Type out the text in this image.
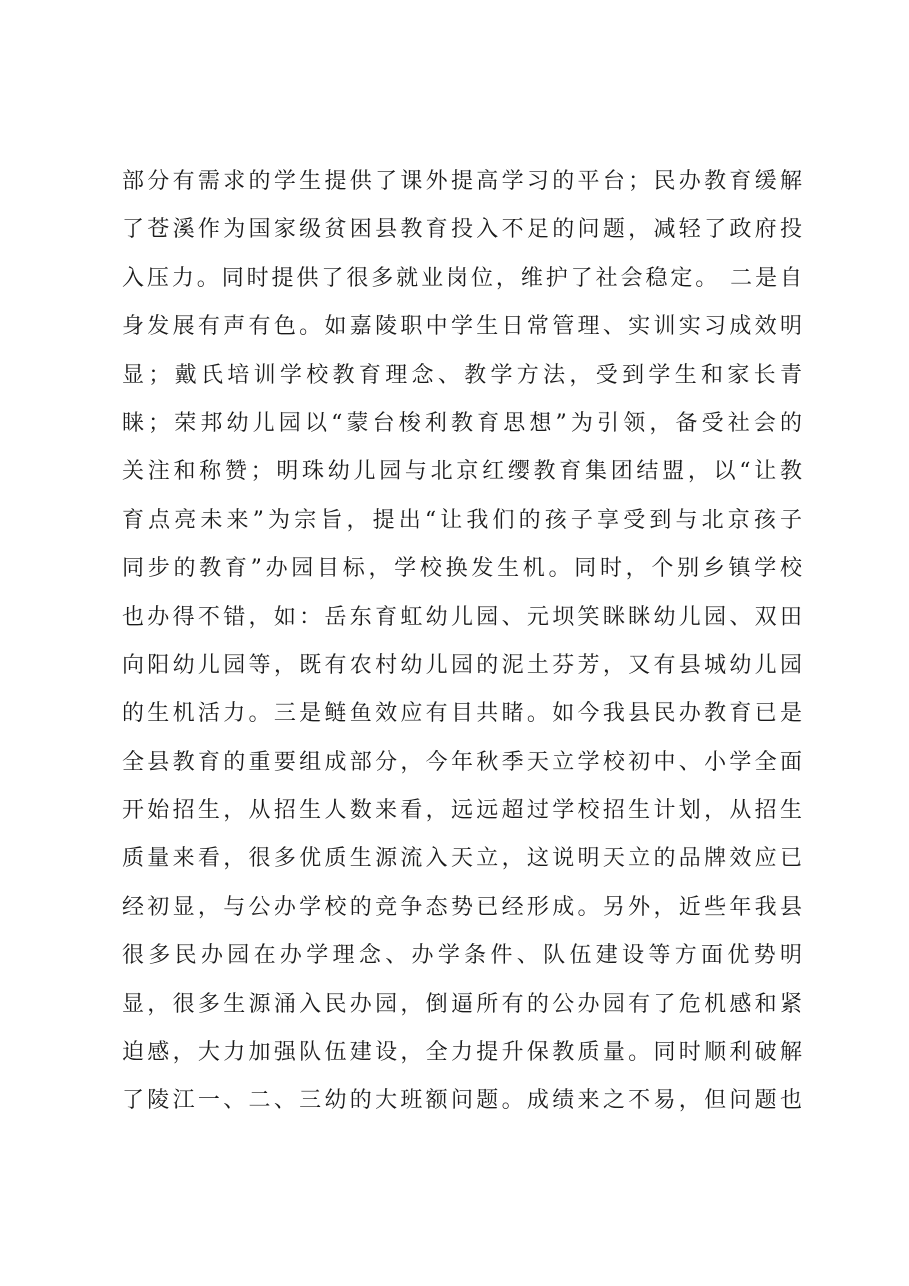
部分有需求的学生提供了课外提高学习的平台；民办教育缓解
了苍溪作为国家级贫困县教育投入不足的问题，减轻了政府投
入压力。同时提供了很多就业岗位，维护了社会稳定。 二是自
身发展有声有色。如嘉陵职中学生日常管理、实训实习成效明
显；戴氏培训学校教育理念、教学方法，受到学生和家长青
睐；荣邦幼儿园以“蒙台梭利教育思想”为引领，备受社会的
关注和称赞；明珠幼儿园与北京红缨教育集团结盟，以“让教
育点亮未来”为宗旨，提出“让我们的孩子享受到与北京孩子
同步的教育”办园目标，学校换发生机。同时，个别乡镇学校
也办得不错，如：岳东育虹幼儿园、元坝笑眯眯幼儿园、双田
向阳幼儿园等，既有农村幼儿园的泥土芬芳，又有县城幼儿园
的生机活力。三是鲢鱼效应有目共睹。如今我县民办教育已是
全县教育的重要组成部分，今年秋季天立学校初中、小学全面
开始招生，从招生人数来看，远远超过学校招生计划，从招生
质量来看，很多优质生源流入天立，这说明天立的品牌效应已
经初显，与公办学校的竞争态势已经形成。另外，近些年我县
很多民办园在办学理念、办学条件、队伍建设等方面优势明
显，很多生源涌入民办园，倒逼所有的公办园有了危机感和紧
迫感，大力加强队伍建设，全力提升保教质量。同时顺利破解
了陵江一、二、三幼的大班额问题。成绩来之不易，但问题也
